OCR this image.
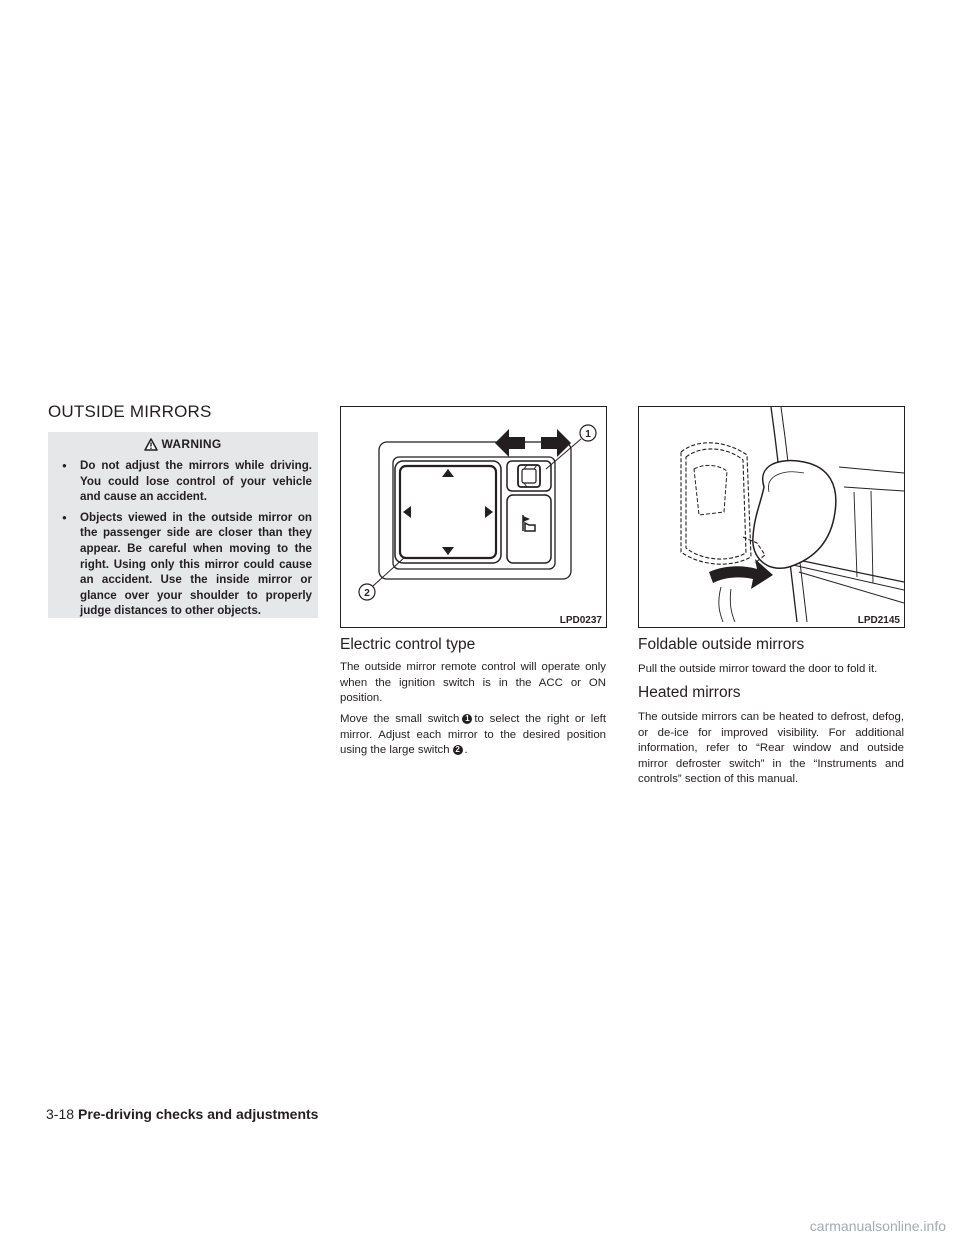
OUTSIDE MIRRORS
WARNING
● Do not adjust the mirrors while driving. You could lose control of your vehicle and cause an accident.
● Objects viewed in the outside mirror on the passenger side are closer than they appear. Be careful when moving to the right. Using only this mirror could cause an accident. Use the inside mirror or glance over your shoulder to properly judge distances to other objects.
1
2
LPD0237	LPD2145
Electric control type

The outside mirror remote control will operate only when the ignition switch is in the ACC or ON position.

Move the small switch 1 to select the right or left mirror. Adjust each mirror to the desired position using the large switch 2 .

Foldable outside mirrors

Pull the outside mirror toward the door to fold it.

Heated mirrors

The outside mirrors can be heated to defrost, defog, or de-ice for improved visibility. For additional information, refer to “Rear window and outside mirror defroster switch” in the “Instruments and controls” section of this manual.

3-18 Pre-driving checks and adjustments
carmanualsonline.info
